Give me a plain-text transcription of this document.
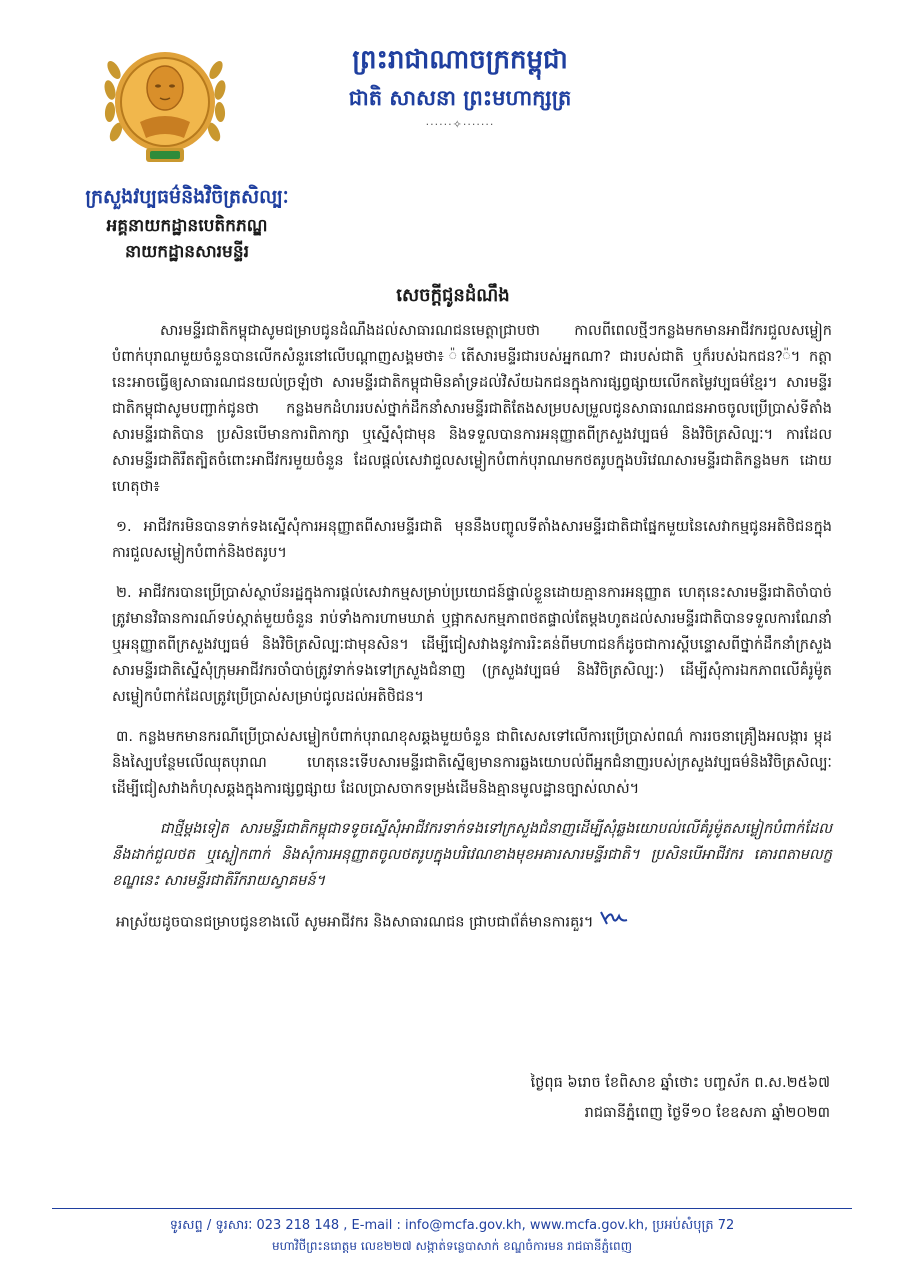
ព្រះរាជាណាចក្រកម្ពុជា
ជាតិ សាសនា ព្រះមហាក្សត្រ
······✧·······
ក្រសួងវប្បធម៌និងវិចិត្រសិល្បៈ
អគ្គនាយកដ្ឋានបេតិកភណ្ឌ
នាយកដ្ឋានសារមន្ទីរ
សេចក្តីជូនដំណឹង

សារមន្ទីរជាតិកម្ពុជាសូមជម្រាបជូនដំណឹងដល់សាធារណជនមេត្តាជ្រាបថា កាលពីពេលថ្មីៗកន្លងមកមានអាជីវករជួលសម្លៀកបំពាក់បុរាណមួយចំនួនបានលើកសំនួរនៅលើបណ្តាញសង្គមថា៖ ៉តើសារមន្ទីរជារបស់អ្នកណា? ជារបស់ជាតិ ឬក៏របស់ឯកជន?៉។ កត្តានេះអាចធ្វើឲ្យសាធារណជនយល់ច្រឡំថា សារមន្ទីរជាតិកម្ពុជាមិនគាំទ្រដល់វិស័យឯកជនក្នុងការផ្សព្វផ្សាយលើកតម្លៃវប្បធម៌ខ្មែរ។ សារមន្ទីរជាតិកម្ពុជាសូមបញ្ជាក់ជូនថា កន្លងមកដំហររបស់ថ្នាក់ដឹកនាំសារមន្ទីរជាតិតែងសម្របសម្រួលជូនសាធារណជនអាចចូលប្រើប្រាស់ទីតាំងសារមន្ទីរជាតិបាន ប្រសិនបើមានការពិភាក្សា ឬស្នើសុំជាមុន និងទទួលបានការអនុញ្ញាតពីក្រសួងវប្បធម៌ និងវិចិត្រសិល្បៈ។ ការដែលសារមន្ទីរជាតិរឹតត្បិតចំពោះអាជីវករមួយចំនួន ដែលផ្តល់សេវាជួលសម្លៀកបំពាក់បុរាណមកថតរូបក្នុងបរិវេណសារមន្ទីរជាតិកន្លងមក ដោយហេតុថា៖

១. អាជីវករមិនបានទាក់ទងស្នើសុំការអនុញ្ញាតពីសារមន្ទីរជាតិ មុននឹងបញ្ចូលទីតាំងសារមន្ទីរជាតិជាផ្នែកមួយនៃសេវាកម្មជូនអតិថិជនក្នុងការជួលសម្លៀកបំពាក់និងថតរូប។

២. អាជីវករបានប្រើប្រាស់ស្ថាប័នរដ្ឋក្នុងការផ្តល់សេវាកម្មសម្រាប់ប្រយោជន៍ផ្ទាល់ខ្លួនដោយគ្មានការអនុញ្ញាត ហេតុនេះសារមន្ទីរជាតិចាំបាច់ត្រូវមានវិធានការណ៍ទប់ស្កាត់មួយចំនួន រាប់ទាំងការហាមឃាត់ ឬផ្អាកសកម្មភាពថតផ្ទាល់តែម្តងហូតដល់សារមន្ទីរជាតិបានទទួលការណែនាំ ឬអនុញ្ញាតពីក្រសួងវប្បធម៌ និងវិចិត្រសិល្បៈជាមុនសិន។ ដើម្បីជៀសវាងនូវការរិះគន់ពីមហាជនក៏ដូចជាការស្តីបន្ទោសពីថ្នាក់ដឹកនាំក្រសួង សារមន្ទីរជាតិស្នើសុំក្រុមអាជីវករចាំបាច់ត្រូវទាក់ទងទៅក្រសួងជំនាញ (ក្រសួងវប្បធម៌ និងវិចិត្រសិល្បៈ) ដើម្បីសុំការឯកភាពលើគំរូម៉ូតសម្លៀកបំពាក់ដែលត្រូវប្រើប្រាស់សម្រាប់ជូលដល់អតិថិជន។

៣. កន្លងមកមានករណីប្រើប្រាស់សម្លៀកបំពាក់បុរាណខុសឆ្គងមួយចំនួន ជាពិសេសទៅលើការប្រើប្រាស់ពណ៌ ការរចនាគ្រឿងអលង្ការ ម្កុដ និងស្បៃបន្ថែមលើឈុតបុរាណ ហេតុនេះទើបសារមន្ទីរជាតិស្នើឲ្យមានការឆ្លងយោបល់ពីអ្នកជំនាញរបស់ក្រសួងវប្បធម៌និងវិចិត្រសិល្បៈ ដើម្បីជៀសវាងកំហុសឆ្គងក្នុងការផ្សព្វផ្សាយ ដែលប្រាសចាកទម្រង់ដើមនិងគ្មានមូលដ្ឋានច្បាស់លាស់។

ជាថ្មីម្តងទៀត សារមន្ទីរជាតិកម្ពុជាទទូចស្នើសុំអាជីវករទាក់ទងទៅក្រសួងជំនាញដើម្បីសុំឆ្លងយោបល់លើគំរូម៉ូតសម្លៀកបំពាក់ដែលនឹងដាក់ជួលថត ឬស្លៀកពាក់ និងសុំការអនុញ្ញាតចូលថតរូបក្នុងបរិវេណខាងមុខអគារសារមន្ទីរជាតិ។ ប្រសិនបើអាជីវករ គោរពតាមលក្ខខណ្ឌនេះ សារមន្ទីរជាតិរីករាយស្វាគមន៍។

អាស្រ័យដូចបានជម្រាបជូនខាងលើ សូមអាជីវករ និងសាធារណជន ជ្រាបជាព័ត៌មានការគួរ។

ថ្ងៃពុធ ៦រោច ខែពិសាខ ឆ្នាំថោះ បញ្ចស័ក ព.ស.២៥៦៧
រាជធានីភ្នំពេញ ថ្ងៃទី១០ ខែឧសភា ឆ្នាំ២០២៣
ទូរសព្ទ / ទូរសារៈ 023 218 148 , E-mail : info@mcfa.gov.kh, www.mcfa.gov.kh, ប្រអប់សំបុត្រ 72
មហាវិថីព្រះនរោត្តម លេខ២២៧ សង្កាត់ទន្លេបាសាក់ ខណ្ឌចំការមន រាជធានីភ្នំពេញ
